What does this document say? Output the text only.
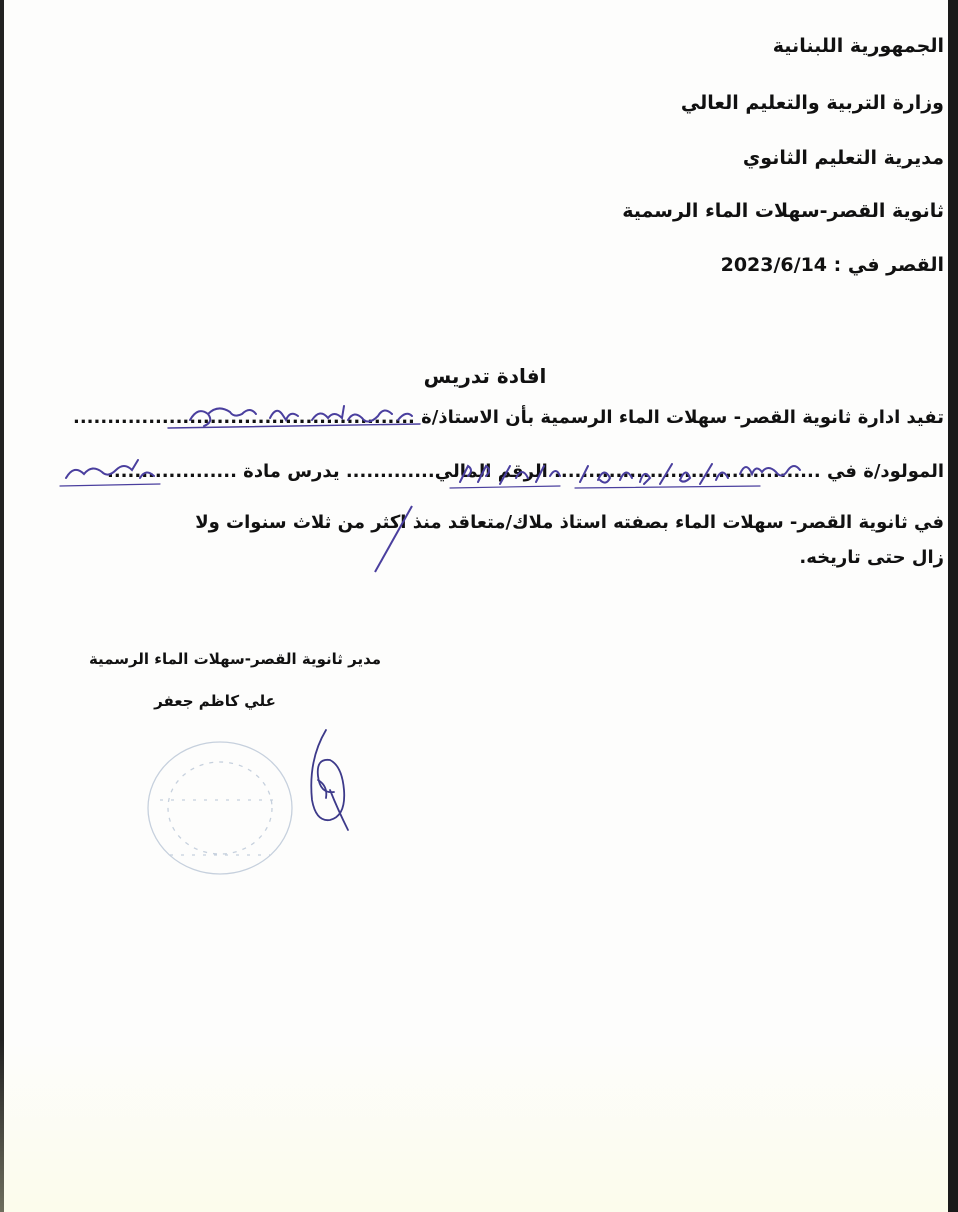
الجمهورية اللبنانية
وزارة التربية والتعليم العالي
مديرية التعليم الثانوي
ثانوية القصر-سهلات الماء الرسمية
القصر في : 2023/6/14
افادة تدريس
تفيد ادارة ثانوية القصر- سهلات الماء الرسمية بأن الاستاذ/ة ..................................................
المولود/ة في ....................................... الرقم المالي............. يدرس مادة ...................
في ثانوية القصر- سهلات الماء بصفته استاذ ملاك/متعاقد منذ اكثر من ثلاث سنوات ولا
زال حتى تاريخه.
مدير ثانوية القصر-سهلات الماء الرسمية
علي كاظم جعفر
